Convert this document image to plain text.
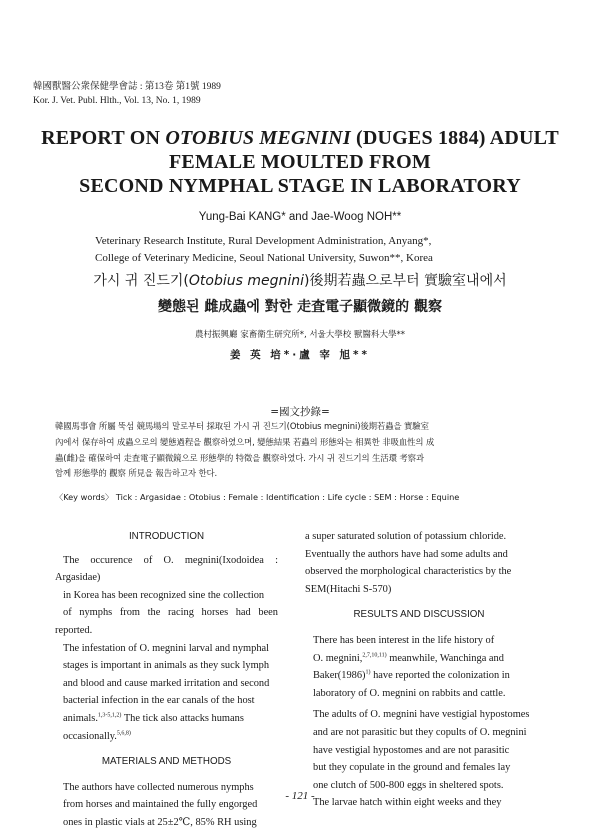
韓國獸醫公衆保健學會誌 : 第13卷 第1號 1989
Kor. J. Vet. Publ. Hlth., Vol. 13, No. 1, 1989
REPORT ON OTOBIUS MEGNINI (DUGES 1884) ADULT
FEMALE MOULTED FROM
SECOND NYMPHAL STAGE IN LABORATORY
Yung-Bai KANG* and Jae-Woog NOH**
Veterinary Research Institute, Rural Development Administration, Anyang*,
College of Veterinary Medicine, Seoul National University, Suwon**, Korea
가시 귀 진드기(Otobius megnini)後期若蟲으로부터 實驗室내에서
變態된 雌成蟲에 對한 走査電子顯微鏡的 觀察
農村振興廳 家畜衛生研究所*, 서울大學校 獸醫科大學**
姜 英 培*·盧 宰 旭**
=國文抄錄=
韓國馬事會 所屬 뚝섬 競馬場의 말로부터 採取된 가시 귀 진드기(Otobius megnini)後期若蟲을 實驗室
內에서 保存하여 成蟲으로의 變態過程을 觀察하였으며, 變態結果 若蟲의 形態와는 相異한 非吸血性의 成
蟲(雌)을 確保하여 走査電子顯微鏡으로 形態學的 特徵을 觀察하였다. 가시 귀 진드기의 生活環 考察과
함께 形態學的 觀察 所見을 報告하고자 한다.
〈Key words〉 Tick : Argasidae : Otobius : Female : Identification : Life cycle : SEM : Horse : Equine
INTRODUCTION

The occurence of O. megnini(Ixodoidea : Argasidae)
in Korea has been recognized sine the collection
of nymphs from the racing horses had been reported.

The infestation of O. megnini larval and nymphal
stages is important in animals as they suck lymph
and blood and cause marked irritation and second
bacterial infection in the ear canals of the host
animals.$^{1,3-5,1,2)}$ The tick also attacks humans
occasionally.$^{5,6,8)}$

MATERIALS AND METHODS

The authors have collected numerous nymphs
from horses and maintained the fully engorged
ones in plastic vials at 25±2℃, 85% RH using

a super saturated solution of potassium chloride.
Eventually the authors have had some adults and
observed the morphological characteristics by the
SEM(Hitachi S-570)

RESULTS AND DISCUSSION

There has been interest in the life history of
O. megnini,$^{2,7,10,11)}$ meanwhile, Wanchinga and
$Baker(1986)^{1)}$ have reported the colonization in
laboratory of O. megnini on rabbits and cattle.

The adults of O. megnini have vestigial hypostomes
and are not parasitic but they copults of O. megnini
have vestigial hypostomes and are not parasitic
but they copulate in the ground and females lay
one clutch of 500-800 eggs in sheltered spots.

The larvae hatch within eight weeks and they

- 121 -
